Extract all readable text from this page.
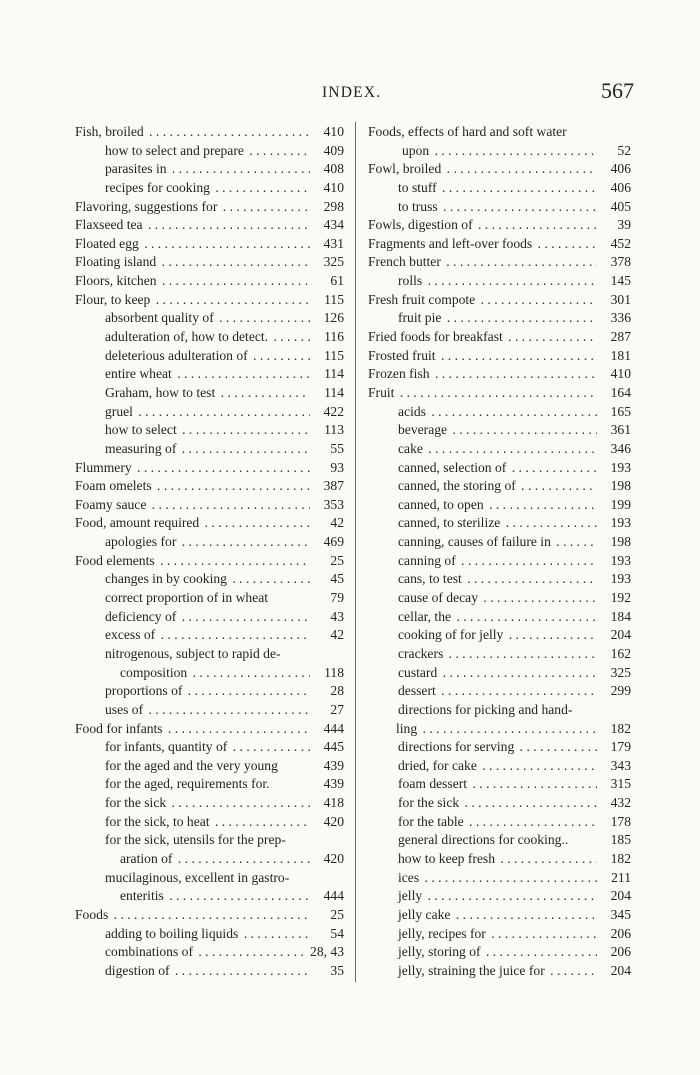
INDEX.	567
Fish, broiled . . .	410
how to select and prepare . . .	409
parasites in . . .	408
recipes for cooking . . .	410
Flavoring, suggestions for . . .	298
Flaxseed tea . . .	434
Floated egg . . .	431
Floating island . . .	325
Floors, kitchen . . .	61
Flour, to keep . . .	115
absorbent quality of . . .	126
adulteration of, how to detect. . . .	116
deleterious adulteration of . . .	115
entire wheat . . .	114
Graham, how to test . . .	114
gruel . . .	422
how to select . . .	113
measuring of . . .	55
Flummery . . .	93
Foam omelets . . .	387
Foamy sauce . . .	353
Food, amount required . . .	42
apologies for . . .	469
Food elements . . .	25
changes in by cooking . . .	45
correct proportion of in wheat	79
deficiency of . . .	43
excess of . . .	42
nitrogenous, subject to rapid de-
composition . . .	118
proportions of . . .	28
uses of . . .	27
Food for infants . . .	444
for infants, quantity of . . .	445
for the aged and the very young	439
for the aged, requirements for.	439
for the sick . . .	418
for the sick, to heat . . .	420
for the sick, utensils for the prep-
aration of . . .	420
mucilaginous, excellent in gastro-
enteritis . . .	444
Foods . . .	25
adding to boiling liquids . . .	54
combinations of . . .	28, 43
digestion of . . .	35
Foods, effects of hard and soft water
upon . . .	52
Fowl, broiled . . .	406
to stuff . . .	406
to truss . . .	405
Fowls, digestion of . . .	39
Fragments and left-over foods . . .	452
French butter . . .	378
rolls . . .	145
Fresh fruit compote . . .	301
fruit pie . . .	336
Fried foods for breakfast . . .	287
Frosted fruit . . .	181
Frozen fish . . .	410
Fruit . . .	164
acids . . .	165
beverage . . .	361
cake . . .	346
canned, selection of . . .	193
canned, the storing of . . .	198
canned, to open . . .	199
canned, to sterilize . . .	193
canning, causes of failure in . . .	198
canning of . . .	193
cans, to test . . .	193
cause of decay . . .	192
cellar, the . . .	184
cooking of for jelly . . .	204
crackers . . .	162
custard . . .	325
dessert . . .	299
directions for picking and hand-
ling . . .	182
directions for serving . . .	179
dried, for cake . . .	343
foam dessert . . .	315
for the sick . . .	432
for the table . . .	178
general directions for cooking..	185
how to keep fresh . . .	182
ices . . .	211
jelly . . .	204
jelly cake . . .	345
jelly, recipes for . . .	206
jelly, storing of . . .	206
jelly, straining the juice for . . .	204
